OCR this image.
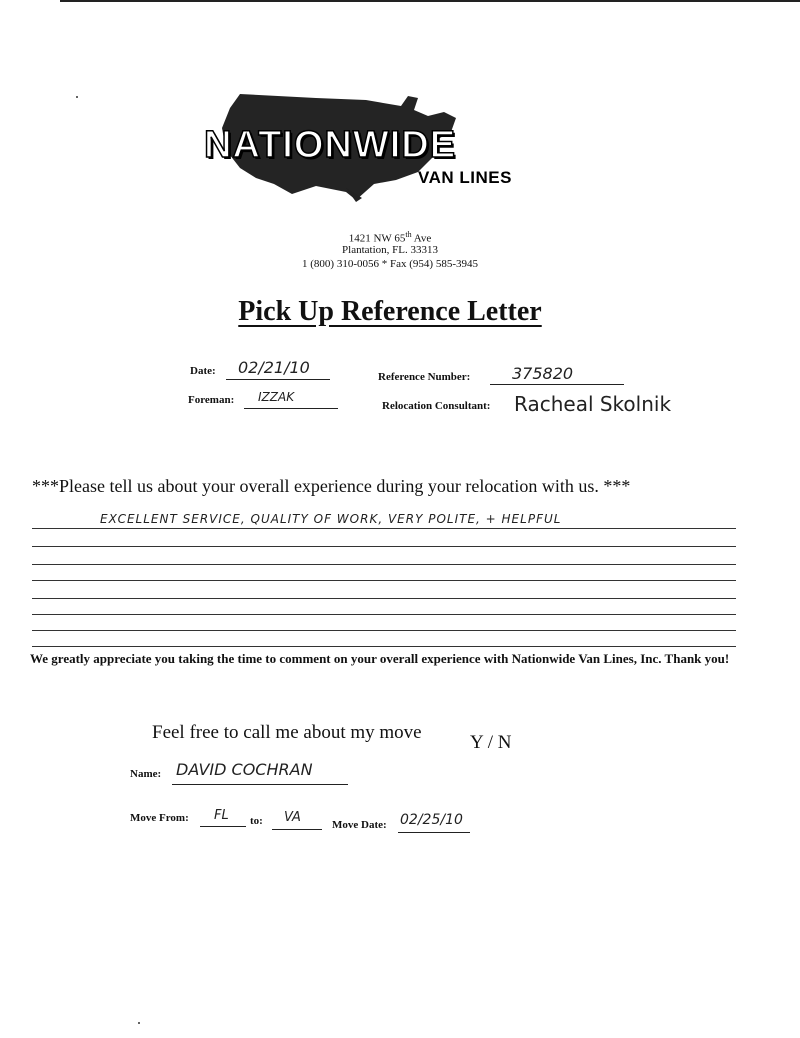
NATIONWIDE
VAN LINES
1421 NW 65th Ave
Plantation, FL. 33313
1 (800) 310-0056 * Fax (954) 585-3945
Pick Up Reference Letter
Date: 02/21/10
Foreman: IZZAK
Reference Number:	375820
Relocation Consultant: Racheal Skolnik
***Please tell us about your overall experience during your relocation with us. ***
EXCELLENT SERVICE, QUALITY OF WORK, VERY POLITE, + HELPFUL
We greatly appreciate you taking the time to comment on your overall experience with Nationwide Van Lines, Inc. Thank you!
Feel free to call me about my move	Y / N
Name: DAVID COCHRAN
Move From: FL to: VA	Move Date: 02/25/10
